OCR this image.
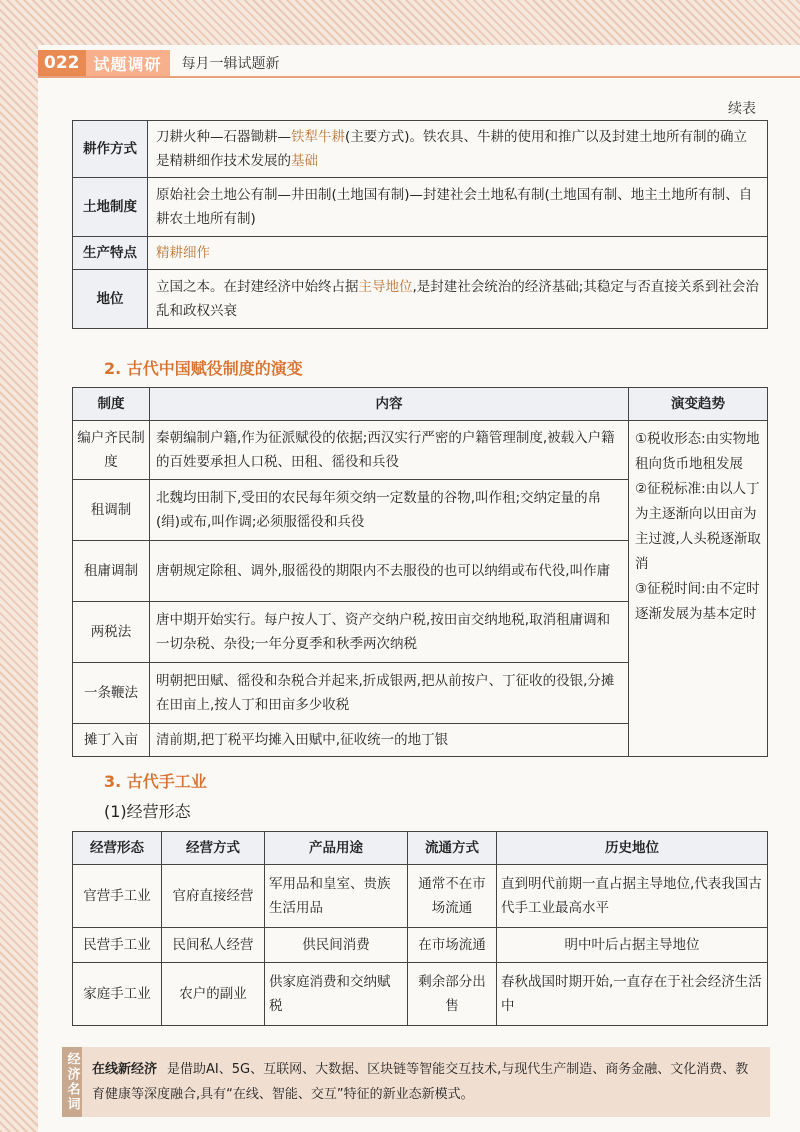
022 试题调研	每月一辑试题新
续表
耕作方式	刀耕火种—石器锄耕—铁犁牛耕(主要方式)。铁农具、牛耕的使用和推广以及封建土地所有制的确立是精耕细作技术发展的基础
土地制度	原始社会土地公有制—井田制(土地国有制)—封建社会土地私有制(土地国有制、地主土地所有制、自耕农土地所有制)
生产特点	精耕细作
地位	立国之本。在封建经济中始终占据主导地位,是封建社会统治的经济基础;其稳定与否直接关系到社会治乱和政权兴衰
2. 古代中国赋役制度的演变
制度	内容	演变趋势
编户齐民制度	秦朝编制户籍,作为征派赋役的依据;西汉实行严密的户籍管理制度,被载入户籍的百姓要承担人口税、田租、徭役和兵役	①税收形态:由实物地租向货币地租发展
②征税标准:由以人丁为主逐渐向以田亩为主过渡,人头税逐渐取消
③征税时间:由不定时逐渐发展为基本定时

租调制	北魏均田制下,受田的农民每年须交纳一定数量的谷物,叫作租;交纳定量的帛(绢)或布,叫作调;必须服徭役和兵役	
租庸调制	唐朝规定除租、调外,服徭役的期限内不去服役的也可以纳绢或布代役,叫作庸	
两税法	唐中期开始实行。每户按人丁、资产交纳户税,按田亩交纳地税,取消租庸调和一切杂税、杂役;一年分夏季和秋季两次纳税	
一条鞭法	明朝把田赋、徭役和杂税合并起来,折成银两,把从前按户、丁征收的役银,分摊在田亩上,按人丁和田亩多少收税	
摊丁入亩	清前期,把丁税平均摊入田赋中,征收统一的地丁银	
3. 古代手工业
(1)经营形态
经营形态	经营方式	产品用途	流通方式	历史地位
官营手工业	官府直接经营	军用品和皇室、贵族生活用品	通常不在市场流通	直到明代前期一直占据主导地位,代表我国古代手工业最高水平
民营手工业	民间私人经营	供民间消费	在市场流通	明中叶后占据主导地位
家庭手工业	农户的副业	供家庭消费和交纳赋税	剩余部分出售	春秋战国时期开始,一直存在于社会经济生活中
经济名词 在线新经济 是借助AI、5G、互联网、大数据、区块链等智能交互技术,与现代生产制造、商务金融、文化消费、教育健康等深度融合,具有“在线、智能、交互”特征的新业态新模式。
